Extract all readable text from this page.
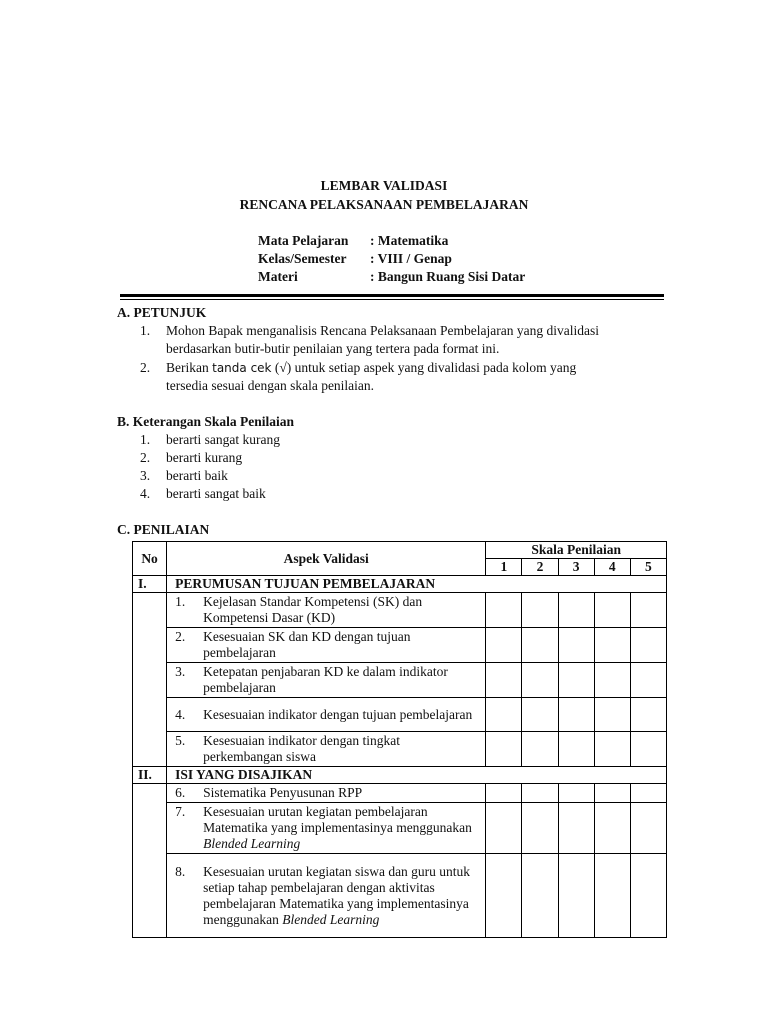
LEMBAR VALIDASI
RENCANA PELAKSANAAN PEMBELAJARAN
Mata Pelajaran : Matematika
Kelas/Semester : VIII / Genap
Materi	: Bangun Ruang Sisi Datar
A. PETUNJUK
1. Mohon Bapak menganalisis Rencana Pelaksanaan Pembelajaran yang divalidasi
berdasarkan butir-butir penilaian yang tertera pada format ini.
2. Berikan tanda cek (√) untuk setiap aspek yang divalidasi pada kolom yang
tersedia sesuai dengan skala penilaian.
B. Keterangan Skala Penilaian
1. berarti sangat kurang
2. berarti kurang
3. berarti baik
4. berarti sangat baik
C. PENILAIAN
No	Aspek Validasi	Skala Penilaian				
		1	2	3	4	5
I.	PERUMUSAN TUJUAN PEMBELAJARAN					

	1. Kejelasan Standar Kompetensi (SK) dan Kompetensi Dasar (KD)					

	2. Kesesuaian SK dan KD dengan tujuan pembelajaran					

	3. Ketepatan penjabaran KD ke dalam indikator pembelajaran					

	4. Kesesuaian indikator dengan tujuan pembelajaran					

	5. Kesesuaian indikator dengan tingkat perkembangan siswa					

II.	ISI YANG DISAJIKAN					

	6. Sistematika Penyusunan RPP					

	7. Kesesuaian urutan kegiatan pembelajaran Matematika yang implementasinya menggunakan Blended Learning					

	8. Kesesuaian urutan kegiatan siswa dan guru untuk setiap tahap pembelajaran dengan aktivitas pembelajaran Matematika yang implementasinya menggunakan Blended Learning					
